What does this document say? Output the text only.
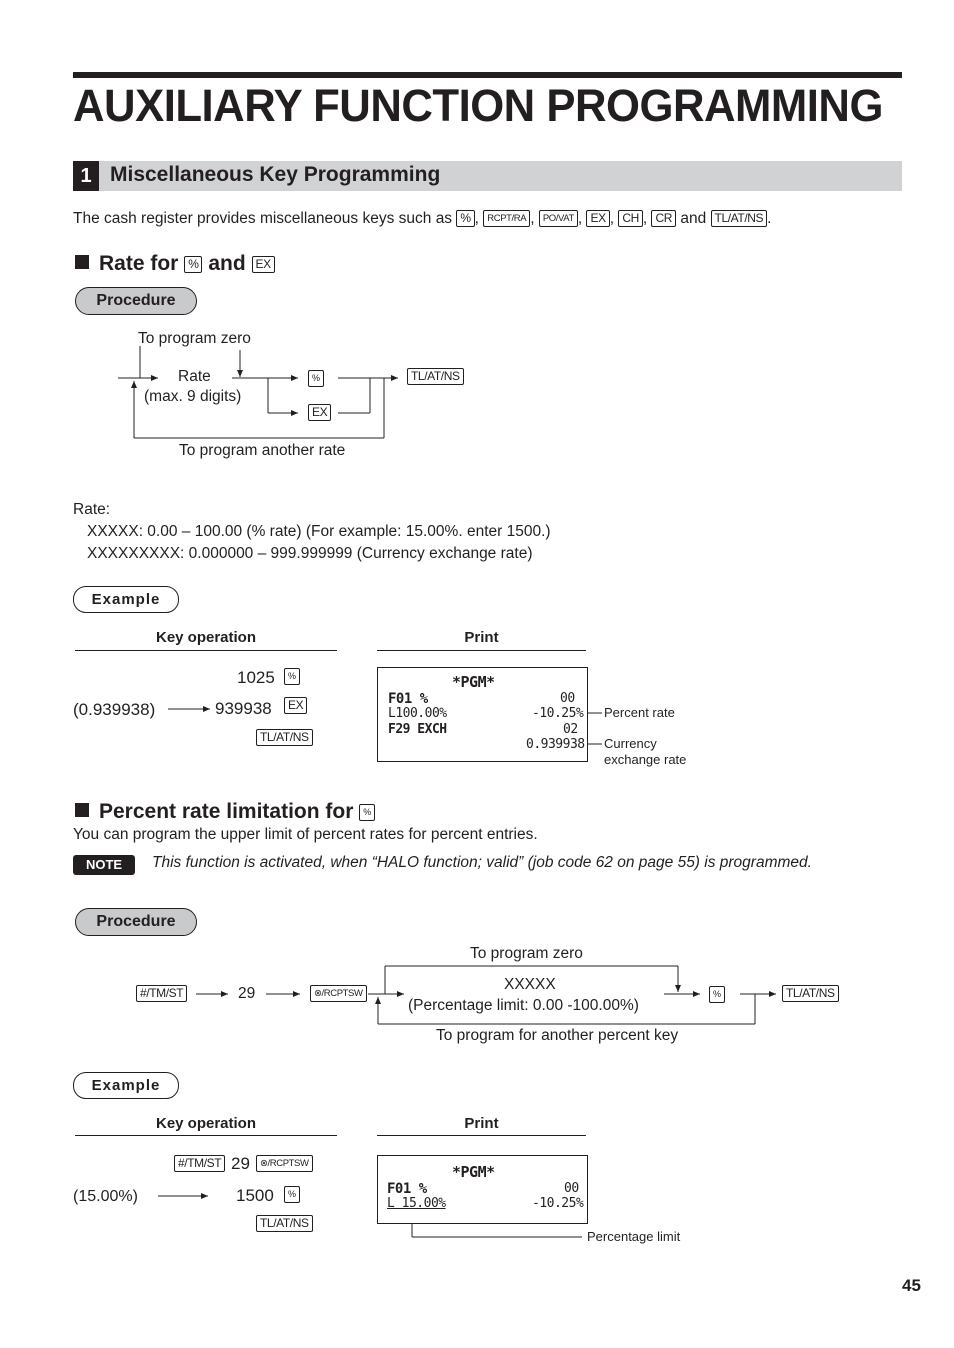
AUXILIARY FUNCTION PROGRAMMING
1 Miscellaneous Key Programming
The cash register provides miscellaneous keys such as % , RCPT/RA , PO/VAT , EX , CH , CR and TL/AT/NS .
Rate for % and EX
Procedure
To program zero
Rate
(max. 9 digits)
%
EX
TL/AT/NS
To program another rate
Rate:
XXXXX: 0.00 – 100.00 (% rate) (For example: 15.00%. enter 1500.)
XXXXXXXXX: 0.000000 – 999.999999 (Currency exchange rate)
Example
Key operation	Print
1025	%
(0.939938)	939938	EX
TL/AT/NS
*PGM*
F01 %	00
L100.00%	-10.25%
F29 EXCH	02
0.939938
Percent rate
Currency
exchange rate
Percent rate limitation for %
You can program the upper limit of percent rates for percent entries.
NOTE	This function is activated, when “HALO function; valid” (job code 62 on page 55) is programmed.
Procedure
#/TM/ST	29	⊗/RCPTSW
To program zero
XXXXX
(Percentage limit: 0.00 -100.00%)
%	TL/AT/NS
To program for another percent key
Example
Key operation	Print
#/TM/ST 29	⊗/RCPTSW
(15.00%)	1500	%
TL/AT/NS
*PGM*
F01 %	00
L 15.00%	-10.25%
Percentage limit
45
